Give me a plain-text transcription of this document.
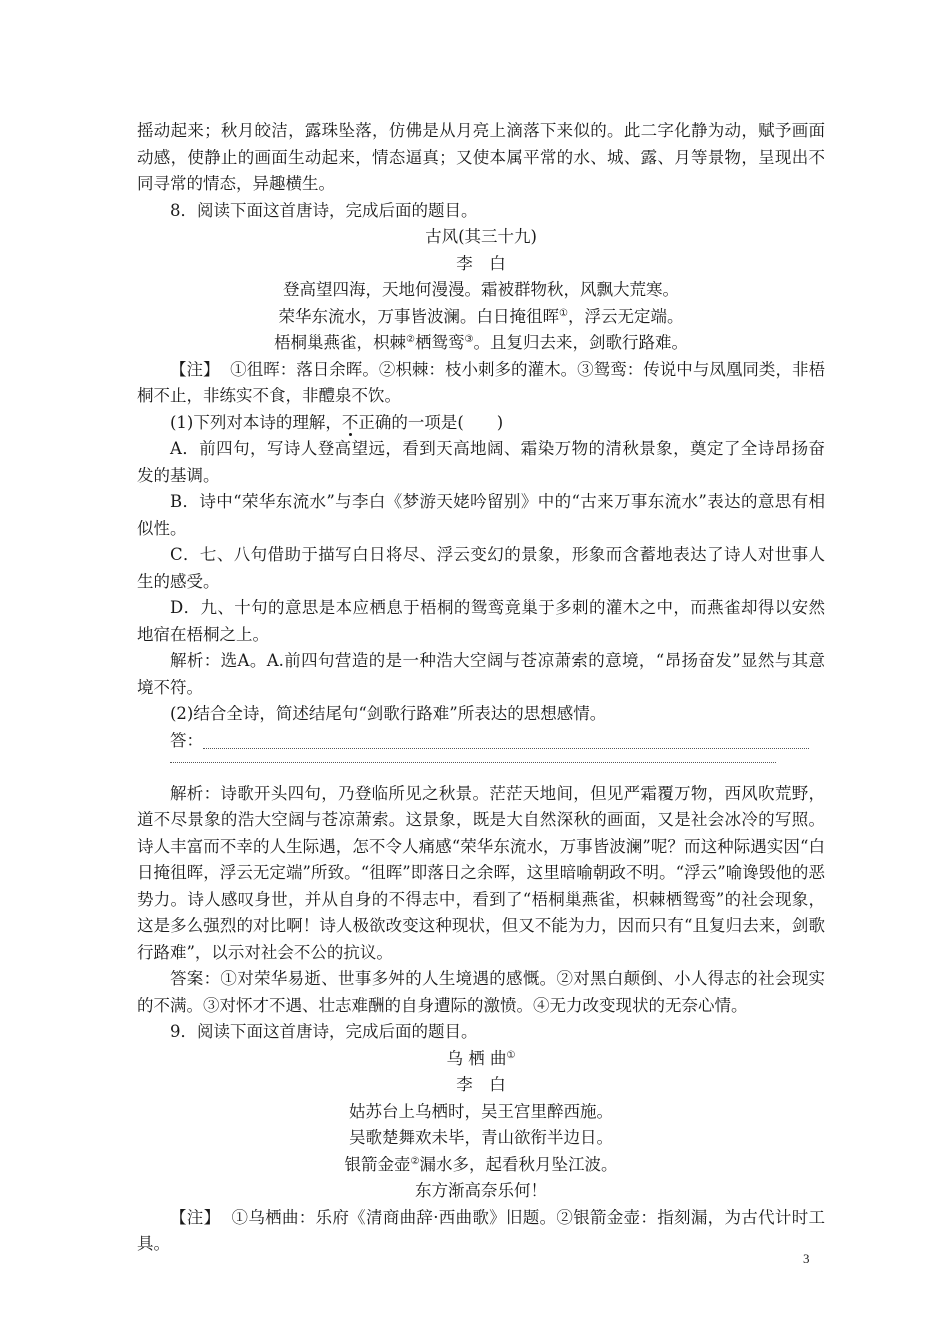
摇动起来；秋月皎洁，露珠坠落，仿佛是从月亮上滴落下来似的。此二字化静为动，赋予画面动感，使静止的画面生动起来，情态逼真；又使本属平常的水、城、露、月等景物，呈现出不同寻常的情态，异趣横生。

8．阅读下面这首唐诗，完成后面的题目。

古风(其三十九)

李　白

登高望四海，天地何漫漫。霜被群物秋，风飘大荒寒。

荣华东流水，万事皆波澜。白日掩徂晖①，浮云无定端。

梧桐巢燕雀，枳棘②栖鸳鸾③。且复归去来，剑歌行路难。

【注】 ①徂晖：落日余晖。②枳棘：枝小刺多的灌木。③鸳鸾：传说中与凤凰同类，非梧桐不止，非练实不食，非醴泉不饮。

(1)下列对本诗的理解，不正确的一项是(　　)

A．前四句，写诗人登高望远，看到天高地阔、霜染万物的清秋景象，奠定了全诗昂扬奋发的基调。

B．诗中“荣华东流水”与李白《梦游天姥吟留别》中的“古来万事东流水”表达的意思有相似性。

C．七、八句借助于描写白日将尽、浮云变幻的景象，形象而含蓄地表达了诗人对世事人生的感受。

D．九、十句的意思是本应栖息于梧桐的鸳鸾竟巢于多刺的灌木之中，而燕雀却得以安然地宿在梧桐之上。

解析：选A。A.前四句营造的是一种浩大空阔与苍凉萧索的意境，“昂扬奋发”显然与其意境不符。

(2)结合全诗，简述结尾句“剑歌行路难”所表达的思想感情。

答：

解析：诗歌开头四句，乃登临所见之秋景。茫茫天地间，但见严霜覆万物，西风吹荒野，道不尽景象的浩大空阔与苍凉萧索。这景象，既是大自然深秋的画面，又是社会冰冷的写照。诗人丰富而不幸的人生际遇，怎不令人痛感“荣华东流水，万事皆波澜”呢？而这种际遇实因“白日掩徂晖，浮云无定端”所致。“徂晖”即落日之余晖，这里暗喻朝政不明。“浮云”喻谗毁他的恶势力。诗人感叹身世，并从自身的不得志中，看到了“梧桐巢燕雀，枳棘栖鸳鸾”的社会现象，这是多么强烈的对比啊！诗人极欲改变这种现状，但又不能为力，因而只有“且复归去来，剑歌行路难”，以示对社会不公的抗议。

答案：①对荣华易逝、世事多舛的人生境遇的感慨。②对黑白颠倒、小人得志的社会现实的不满。③对怀才不遇、壮志难酬的自身遭际的激愤。④无力改变现状的无奈心情。

9．阅读下面这首唐诗，完成后面的题目。

乌 栖 曲①

李　白

姑苏台上乌栖时，吴王宫里醉西施。

吴歌楚舞欢未毕，青山欲衔半边日。

银箭金壶②漏水多，起看秋月坠江波。

东方渐高奈乐何！

【注】 ①乌栖曲：乐府《清商曲辞·西曲歌》旧题。②银箭金壶：指刻漏，为古代计时工具。

3
